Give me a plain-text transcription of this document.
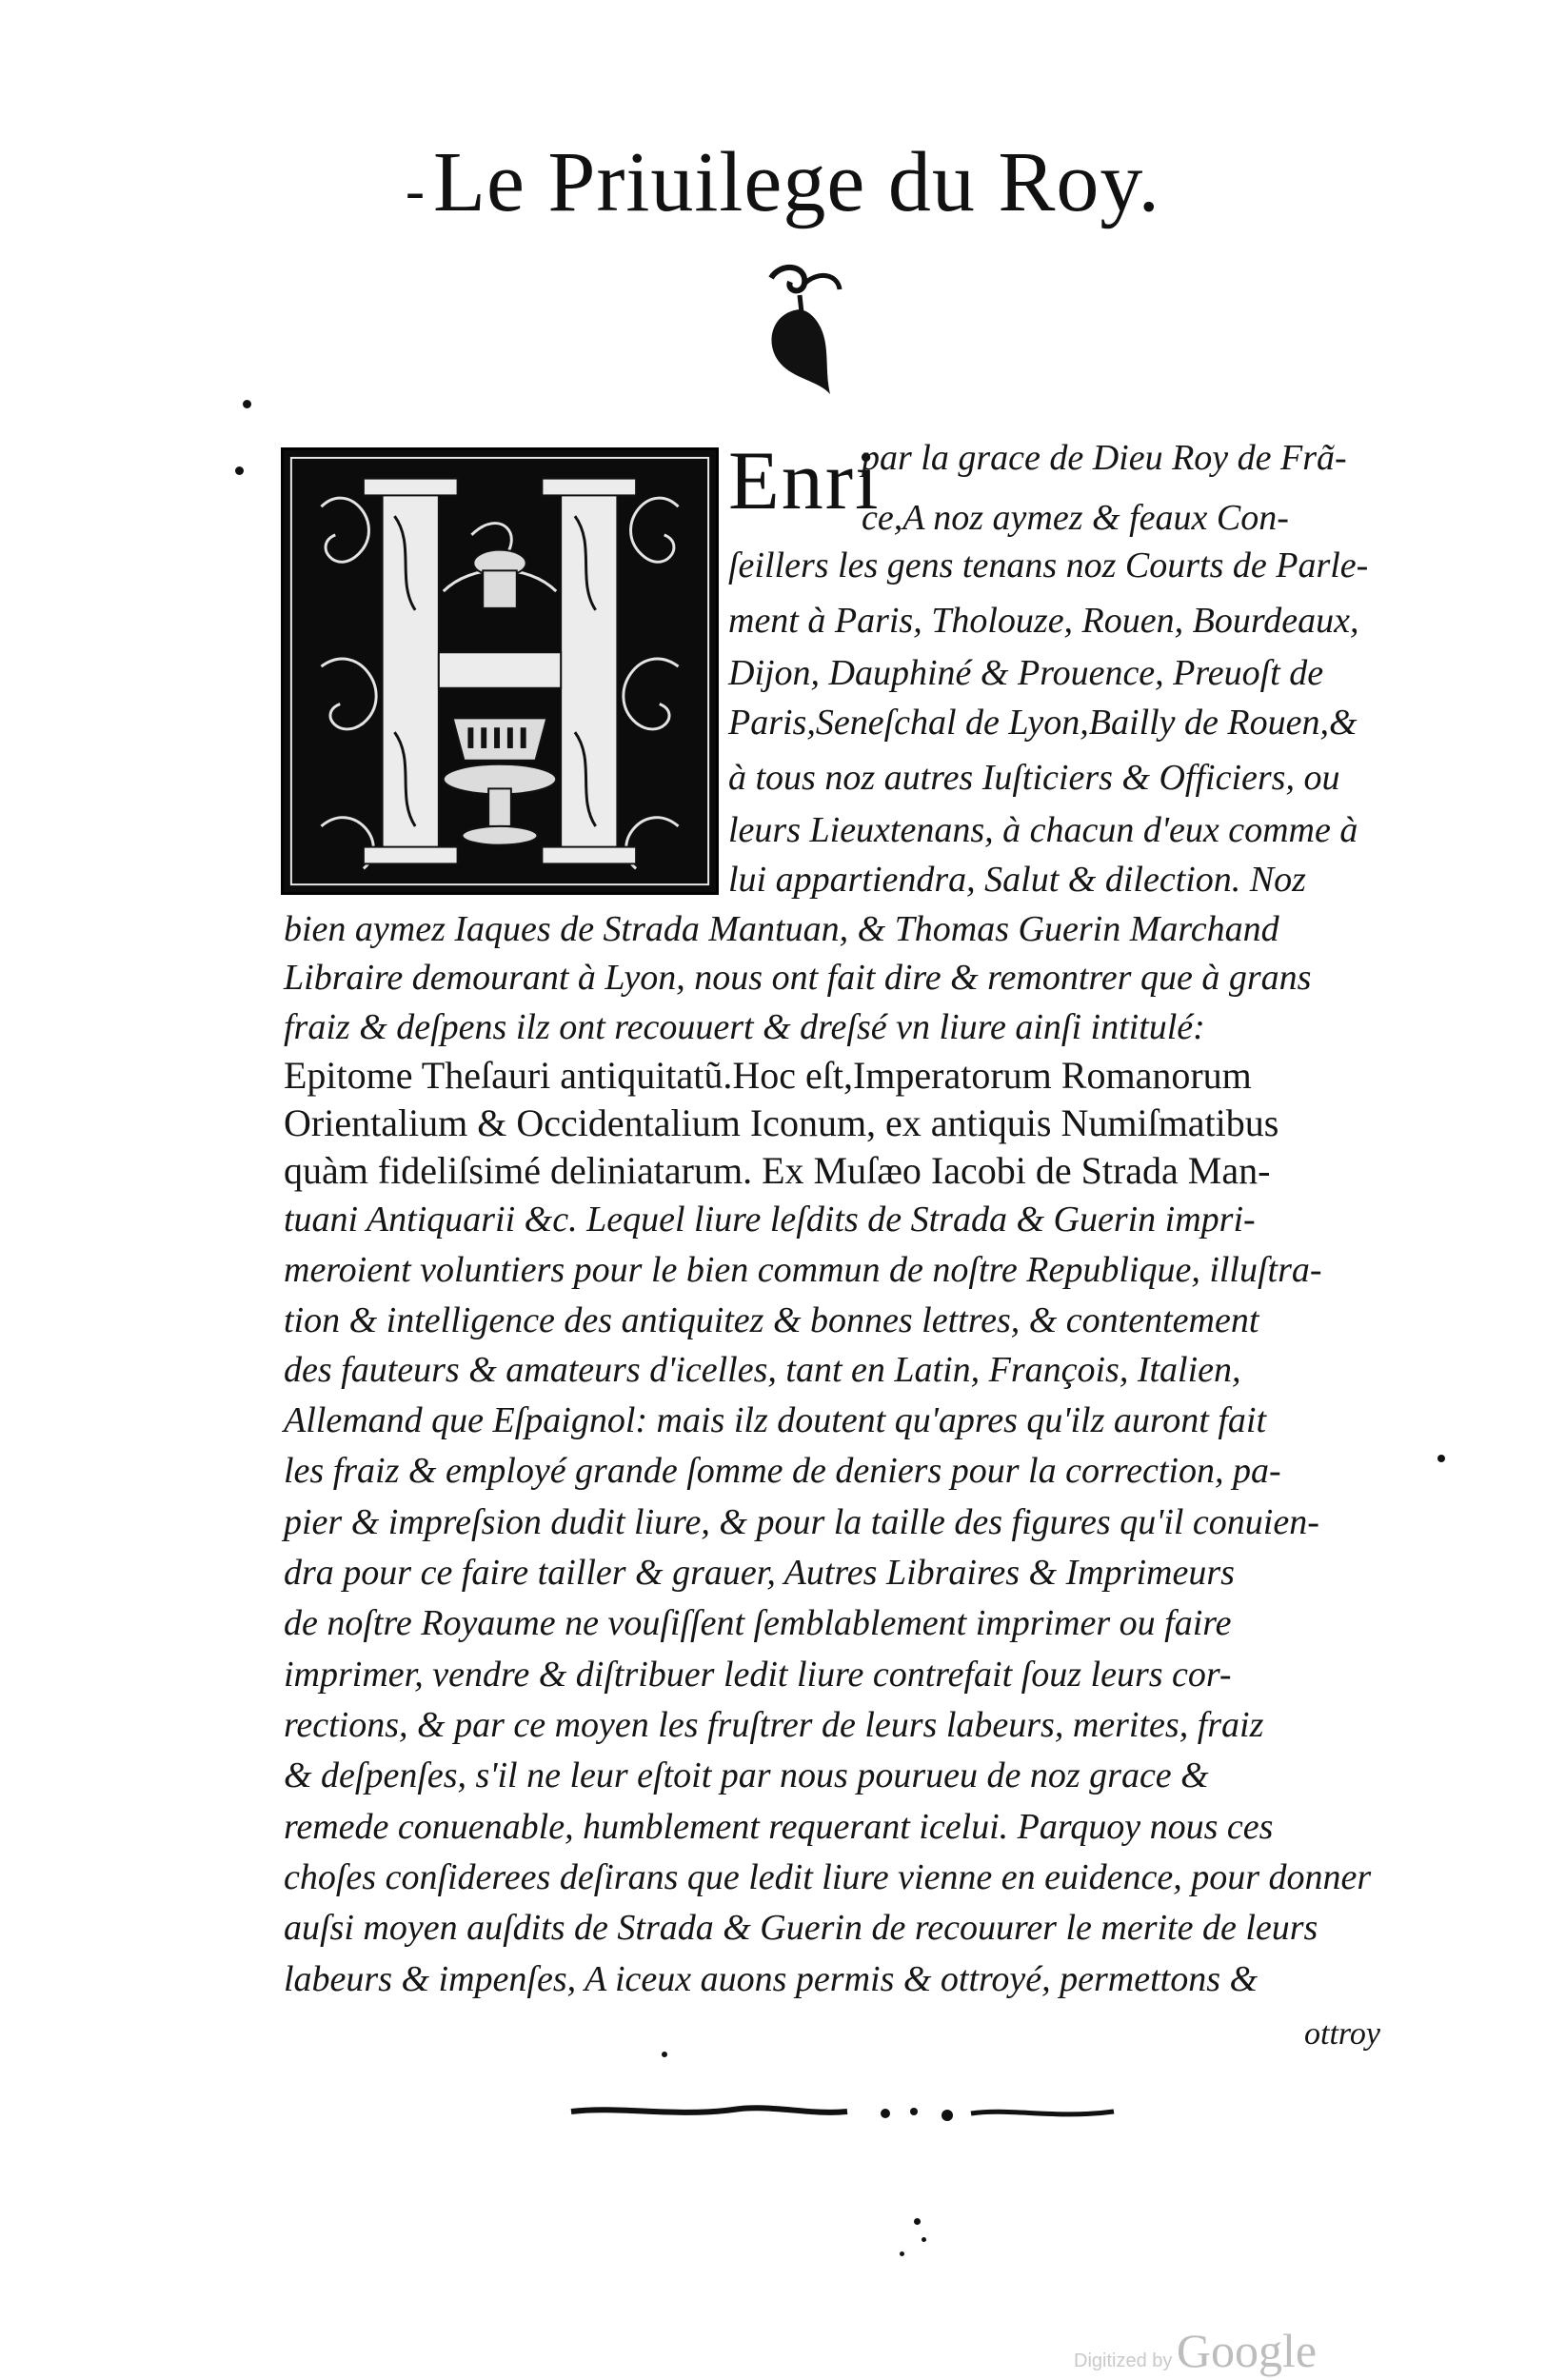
-Le Priuilege du Roy.
Enri
par la grace de Dieu Roy de Frã-
ce,A noz aymez & feaux Con-
ſeillers les gens tenans noz Courts de Parle-
ment à Paris, Tholouze, Rouen, Bourdeaux,
Dijon, Dauphiné & Prouence, Preuoſt de
Paris,Seneſchal de Lyon,Bailly de Rouen,&
à tous noz autres Iuſticiers & Officiers, ou
leurs Lieuxtenans, à chacun d'eux comme à
lui appartiendra, Salut & dilection. Noz
bien aymez Iaques de Strada Mantuan, & Thomas Guerin Marchand
Libraire demourant à Lyon, nous ont fait dire & remontrer que à grans
fraiz & deſpens ilz ont recouuert & dreſsé vn liure ainſi intitulé:
Epitome Theſauri antiquitatũ.Hoc eſt,Imperatorum Romanorum
Orientalium & Occidentalium Iconum, ex antiquis Numiſmatibus
quàm fideliſsimé deliniatarum. Ex Muſæo Iacobi de Strada Man-
tuani Antiquarii &c. Lequel liure leſdits de Strada & Guerin impri-
meroient voluntiers pour le bien commun de noſtre Republique, illuſtra-
tion & intelligence des antiquitez & bonnes lettres, & contentement
des fauteurs & amateurs d'icelles, tant en Latin, François, Italien,
Allemand que Eſpaignol: mais ilz doutent qu'apres qu'ilz auront fait
les fraiz & employé grande ſomme de deniers pour la correction, pa-
pier & impreſsion dudit liure, & pour la taille des figures qu'il conuien-
dra pour ce faire tailler & grauer, Autres Libraires & Imprimeurs
de noſtre Royaume ne vouſiſſent ſemblablement imprimer ou faire
imprimer, vendre & diſtribuer ledit liure contrefait ſouz leurs cor-
rections, & par ce moyen les fruſtrer de leurs labeurs, merites, fraiz
& deſpenſes, s'il ne leur eſtoit par nous pourueu de noz grace &
remede conuenable, humblement requerant icelui. Parquoy nous ces
choſes conſiderees deſirans que ledit liure vienne en euidence, pour donner
auſsi moyen auſdits de Strada & Guerin de recouurer le merite de leurs
labeurs & impenſes, A iceux auons permis & ottroyé, permettons &
ottroy
Digitized by Google
